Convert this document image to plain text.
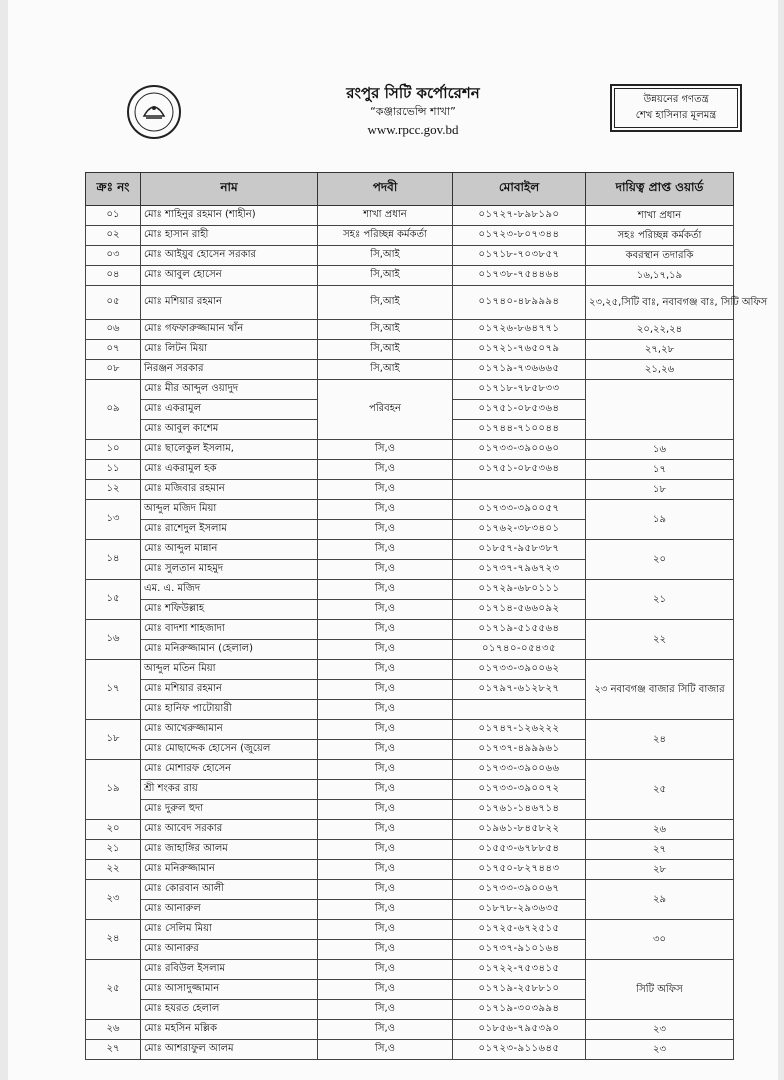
রংপুর সিটি কর্পোরেশন
“কঞ্জারভেন্সি শাখা”
www.rpcc.gov.bd
উন্নয়নের গণতন্ত্র
শেখ হাসিনার মূলমন্ত্র
ক্রঃ নং	নাম	পদবী	মোবাইল	দায়িত্ব প্রাপ্ত ওয়ার্ড
০১	মোঃ শাহিনুর রহমান (শাহীন)	শাখা প্রধান	০১৭২৭-৮৯৮১৯০	শাখা প্রধান
০২	মোঃ হাসান রাহী	সহঃ পরিচ্ছন্ন কর্মকর্তা	০১৭২৩-৮০৭৩৪৪	সহঃ পরিচ্ছন্ন কর্মকর্তা
০৩	মোঃ আইয়ুব হোসেন সরকার	সি,আই	০১৭১৮-৭০৩৮৫৭	কবরস্থান তদারকি
০৪	মোঃ আবুল হোসেন	সি,আই	০১৭৩৮-৭৫৪৪৬৪	১৬,১৭,১৯
০৫	মোঃ মশিয়ার রহমান	সি,আই	০১৭৪০-৪৮৯৯৯৪	২৩,২৫,সিটি বাঃ, নবাবগঞ্জ বাঃ, সিটি অফিস
০৬	মোঃ গফফারুজ্জামান খাঁন	সি,আই	০১৭২৬-৮৬৪৭৭১	২০,২২,২৪
০৭	মোঃ লিটন মিয়া	সি,আই	০১৭২১-৭৬৫০৭৯	২৭,২৮
০৮	নিরঞ্জন সরকার	সি,আই	০১৭১৯-৭৩৬৬৬৫	২১,২৬
০৯	মোঃ মীর আব্দুল ওয়াদুদ	পরিবহন	০১৭১৮-৭৮৫৮৩৩	
	মোঃ একরামুল		০১৭৫১-০৮৫৩৬৪	
	মোঃ আবুল কাশেম		০১৭৪৪-৭১০০৪৪	
১০	মোঃ ছালেকুল ইসলাম,	সি,ও	০১৭৩৩-৩৯০০৬০	১৬
১১	মোঃ একরামুল হক	সি,ও	০১৭৫১-০৮৫৩৬৪	১৭
১২	মোঃ মজিবার রহমান	সি,ও		১৮
১৩	আব্দুল মজিদ মিয়া	সি,ও	০১৭৩৩-৩৯০০৫৭	১৯
	মোঃ রাশেদুল ইসলাম	সি,ও	০১৭৬২-৩৮৩৪০১	
১৪	মোঃ আব্দুল মান্নান	সি,ও	০১৮৫৭-৯৫৮৩৮৭	২০
	মোঃ সুলতান মাহমুদ	সি,ও	০১৭৩৭-৭৯৬৭২৩	
১৫	এম. এ. মজিদ	সি,ও	০১৭২৯-৬৮০১১১	২১
	মোঃ শফিউল্লাহ	সি,ও	০১৭১৪-৫৬৬০৯২	
১৬	মোঃ বাদশা শাহজাদা	সি,ও	০১৭১৯-৫১৫৫৬৪	২২
	মোঃ মনিরুজ্জামান (হেলাল)	সি,ও	০১৭৪০-০৫৪৩৫	
১৭	আব্দুল মতিন মিয়া	সি,ও	০১৭৩৩-৩৯০০৬২	২৩ নবাবগঞ্জ বাজার সিটি বাজার
	মোঃ মশিয়ার রহমান	সি,ও	০১৭৯৭-৬১২৮২৭	
	মোঃ হানিফ পাটোয়ারী	সি,ও		
১৮	মোঃ আখেরুজ্জামান	সি,ও	০১৭৪৭-১২৬২২২	২৪
	মোঃ মোছাদ্দেক হোসেন (জুয়েল	সি,ও	০১৭৩৭-৪৯৯৯৬১	
১৯	মোঃ মোশারফ হোসেন	সি,ও	০১৭৩৩-৩৯০০৬৬	২৫
	শ্রী শংকর রায়	সি,ও	০১৭৩৩-৩৯০০৭২	
	মোঃ দুরুল হুদা	সি,ও	০১৭৬১-১৪৬৭১৪	
২০	মোঃ আবেদ সরকার	সি,ও	০১৯৬১-৮৪৫৮২২	২৬
২১	মোঃ জাহাঙ্গির আলম	সি,ও	০১৫৫৩-৬৭৮৮৫৪	২৭
২২	মোঃ মনিরুজ্জামান	সি,ও	০১৭৫০-৮২৭৪৪৩	২৮
২৩	মোঃ কোরবান আলী	সি,ও	০১৭৩৩-৩৯০০৬৭	২৯
	মোঃ আনারুল	সি,ও	০১৮৭৮-২৯৩৬৩৫	
২৪	মোঃ সেলিম মিয়া	সি,ও	০১৭২৫-৬৭২৫১৫	৩০
	মোঃ আনারুর	সি,ও	০১৭৩৭-৯১০১৬৪	
২৫	মোঃ রবিউল ইসলাম	সি,ও	০১৭২২-৭৫৩৪১৫	সিটি অফিস
	মোঃ আসাদুজ্জামান	সি,ও	০১৭১৯-২৫৮৮১০	
	মোঃ হযরত হেলাল	সি,ও	০১৭১৯-৩০৩৯৯৪	
২৬	মোঃ মহসিন মল্লিক	সি,ও	০১৮৫৬-৭৯৫৩৯০	২৩
২৭	মোঃ আশরাফুল আলম	সি,ও	০১৭২৩-৯১১৬৪৫	২৩
